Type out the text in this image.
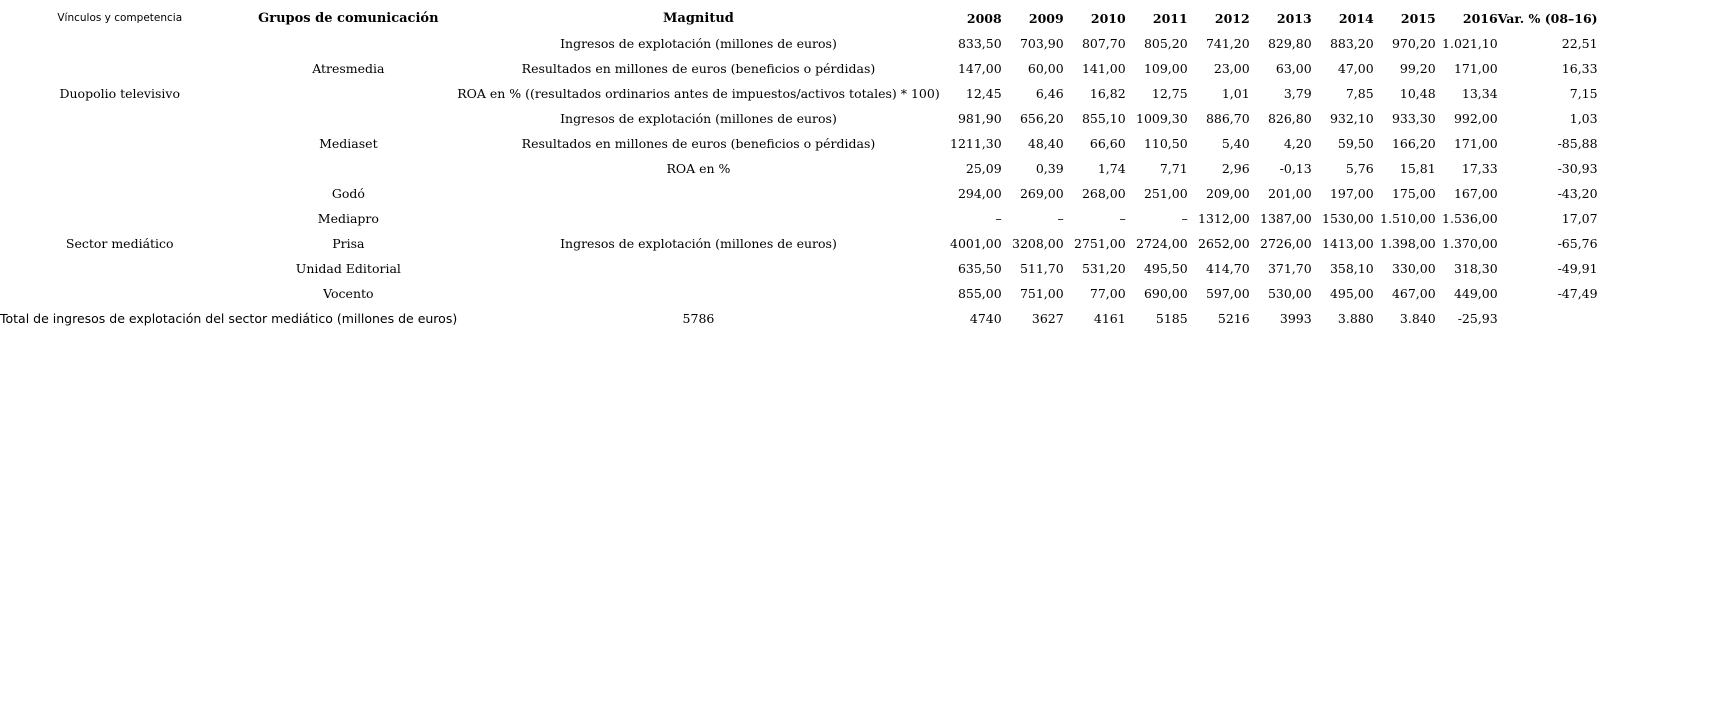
Vínculos y competencia	Grupos de comunicación	Magnitud	2008	2009	2010	2011	2012	2013	2014	2015	2016	Var. % (08–16)
		Ingresos de explotación (millones de euros)	833,50	703,90	807,70	805,20	741,20	829,80	883,20	970,20	1.021,10	22,51
	Atresmedia	Resultados en millones de euros (beneficios o pérdidas)	147,00	60,00	141,00	109,00	23,00	63,00	47,00	99,20	171,00	16,33
Duopolio televisivo		ROA en % ((resultados ordinarios antes de impuestos/activos totales) * 100)	12,45	6,46	16,82	12,75	1,01	3,79	7,85	10,48	13,34	7,15
		Ingresos de explotación (millones de euros)	981,90	656,20	855,10	1009,30	886,70	826,80	932,10	933,30	992,00	1,03
	Mediaset	Resultados en millones de euros (beneficios o pérdidas)	1211,30	48,40	66,60	110,50	5,40	4,20	59,50	166,20	171,00	-85,88
		ROA en %	25,09	0,39	1,74	7,71	2,96	-0,13	5,76	15,81	17,33	-30,93
	Godó		294,00	269,00	268,00	251,00	209,00	201,00	197,00	175,00	167,00	-43,20
	Mediapro		–	–	–	–	1312,00	1387,00	1530,00	1.510,00	1.536,00	17,07
Sector mediático	Prisa	Ingresos de explotación (millones de euros)	4001,00	3208,00	2751,00	2724,00	2652,00	2726,00	1413,00	1.398,00	1.370,00	-65,76
	Unidad Editorial		635,50	511,70	531,20	495,50	414,70	371,70	358,10	330,00	318,30	-49,91
	Vocento		855,00	751,00	77,00	690,00	597,00	530,00	495,00	467,00	449,00	-47,49
Total de ingresos de explotación del sector mediático (millones de euros)		5786	4740	3627	4161	5185	5216	3993	3.880	3.840	-25,93	
